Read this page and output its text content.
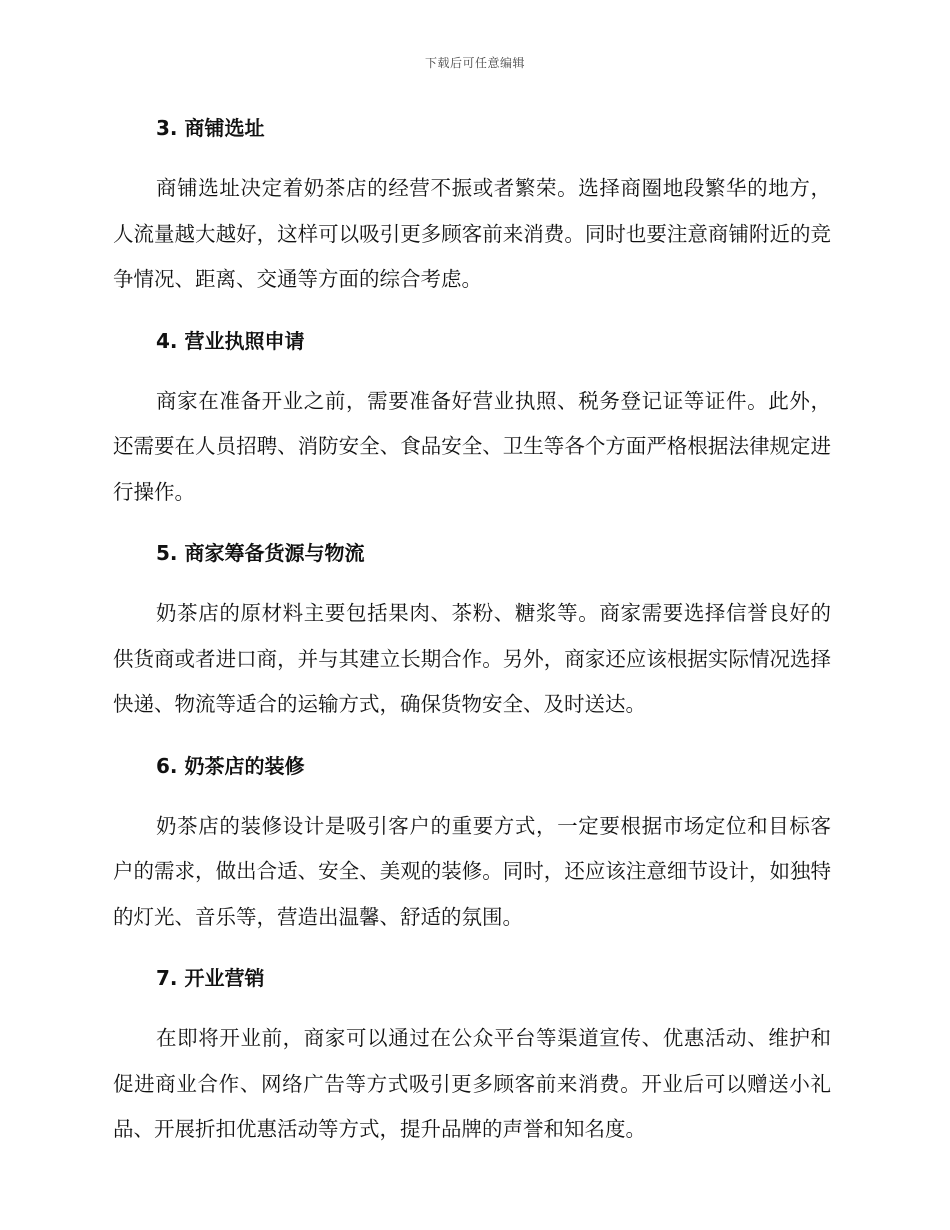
下载后可任意编辑
3. 商铺选址

商铺选址决定着奶茶店的经营不振或者繁荣。选择商圈地段繁华的地方，人流量越大越好，这样可以吸引更多顾客前来消费。同时也要注意商铺附近的竞争情况、距离、交通等方面的综合考虑。

4. 营业执照申请

商家在准备开业之前，需要准备好营业执照、税务登记证等证件。此外，还需要在人员招聘、消防安全、食品安全、卫生等各个方面严格根据法律规定进行操作。

5. 商家筹备货源与物流

奶茶店的原材料主要包括果肉、茶粉、糖浆等。商家需要选择信誉良好的供货商或者进口商，并与其建立长期合作。另外，商家还应该根据实际情况选择快递、物流等适合的运输方式，确保货物安全、及时送达。

6. 奶茶店的装修

奶茶店的装修设计是吸引客户的重要方式，一定要根据市场定位和目标客户的需求，做出合适、安全、美观的装修。同时，还应该注意细节设计，如独特的灯光、音乐等，营造出温馨、舒适的氛围。

7. 开业营销

在即将开业前，商家可以通过在公众平台等渠道宣传、优惠活动、维护和促进商业合作、网络广告等方式吸引更多顾客前来消费。开业后可以赠送小礼品、开展折扣优惠活动等方式，提升品牌的声誉和知名度。
